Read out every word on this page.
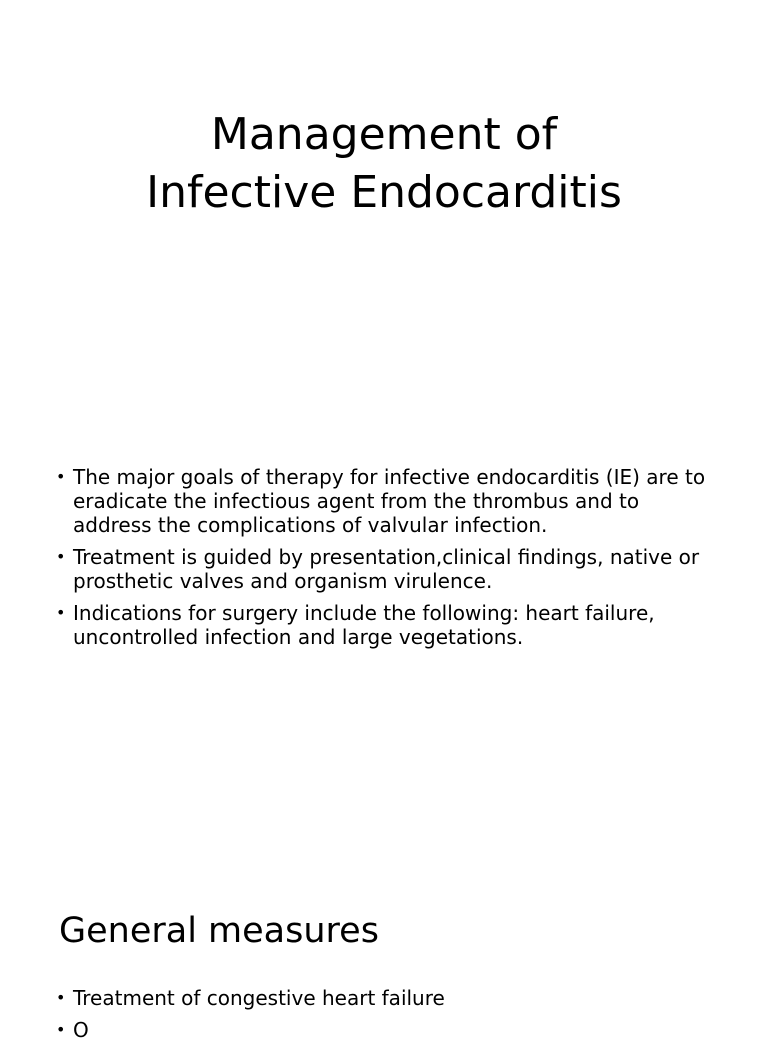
Management of
Infective Endocarditis
• The major goals of therapy for infective endocarditis (IE) are to eradicate the infectious agent from the thrombus and to address the complications of valvular infection.
• Treatment is guided by presentation,clinical findings, native or prosthetic valves and organism virulence.
• Indications for surgery include the following: heart failure, uncontrolled infection and large vegetations.
General measures
• Treatment of congestive heart failure
• O
